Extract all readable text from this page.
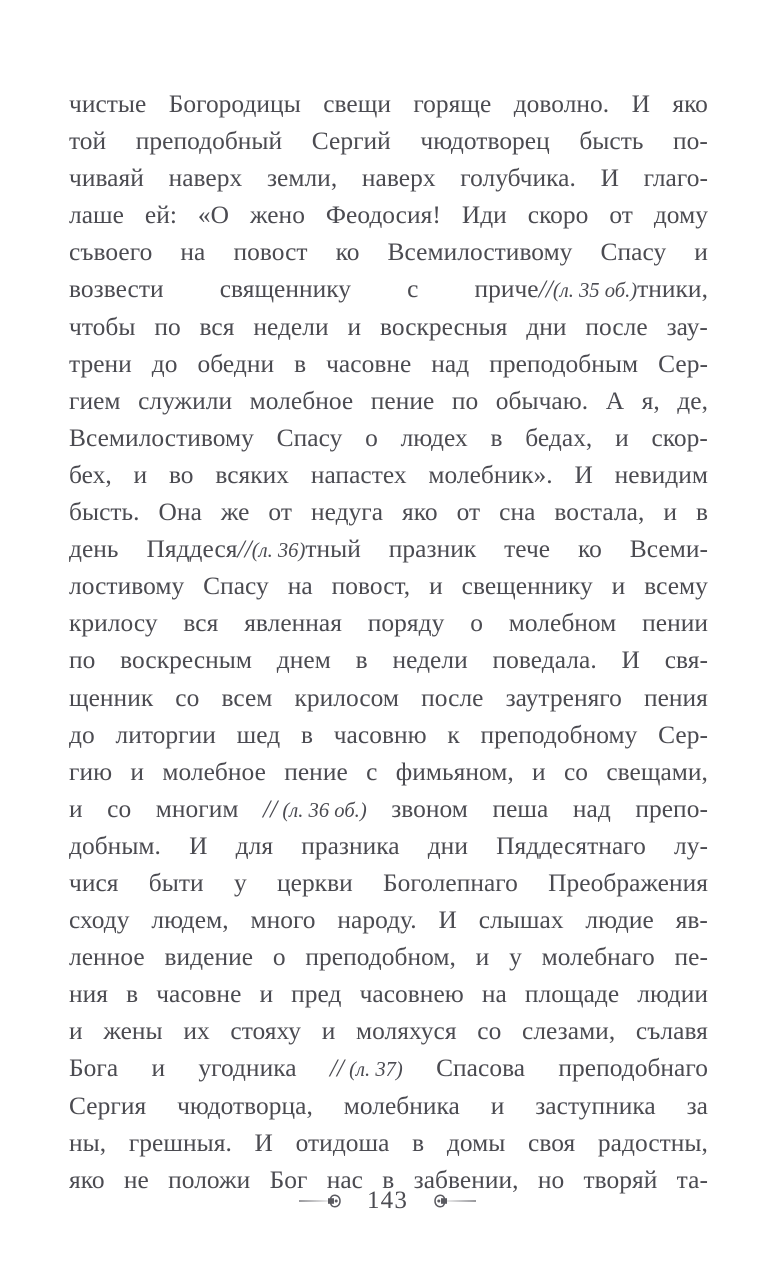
чистые Богородицы свещи горяще доволно. И яко
той преподобный Сергий чюдотворец бысть по-
чиваяй наверх земли, наверх голубчика. И глаго-
лаше ей: «О жено Феодосия! Иди скоро от дому
съвоего на повост ко Всемилостивому Спасу и
возвести священнику с приче//(л. 35 об.)тники,
чтобы по вся недели и воскресныя дни после зау-
трени до обедни в часовне над преподобным Сер-
гием служили молебное пение по обычаю. А я, де,
Всемилостивому Спасу о людех в бедах, и скор-
бех, и во всяких напастех молебник». И невидим
бысть. Она же от недуга яко от сна востала, и в
день Пяддеся//(л. 36)тный празник тече ко Всеми-
лостивому Спасу на повост, и свещеннику и всему
крилосу вся явленная поряду о молебном пении
по воскресным днем в недели поведала. И свя-
щенник со всем крилосом после заутреняго пения
до литоргии шед в часовню к преподобному Сер-
гию и молебное пение с фимьяном, и со свещами,
и со многим // (л. 36 об.) звоном пеша над препо-
добным. И для празника дни Пяддесятнаго лу-
чися быти у церкви Боголепнаго Преображения
сходу людем, много народу. И слышах людие яв-
ленное видение о преподобном, и у молебнаго пе-
ния в часовне и пред часовнею на площаде людии
и жены их стояху и моляхуся со слезами, сълавя
Бога и угодника // (л. 37) Спасова преподобнаго
Сергия чюдотворца, молебника и заступника за
ны, грешныя. И отидоша в домы своя радостны,
яко не положи Бог нас в забвении, но творяй та-
143
